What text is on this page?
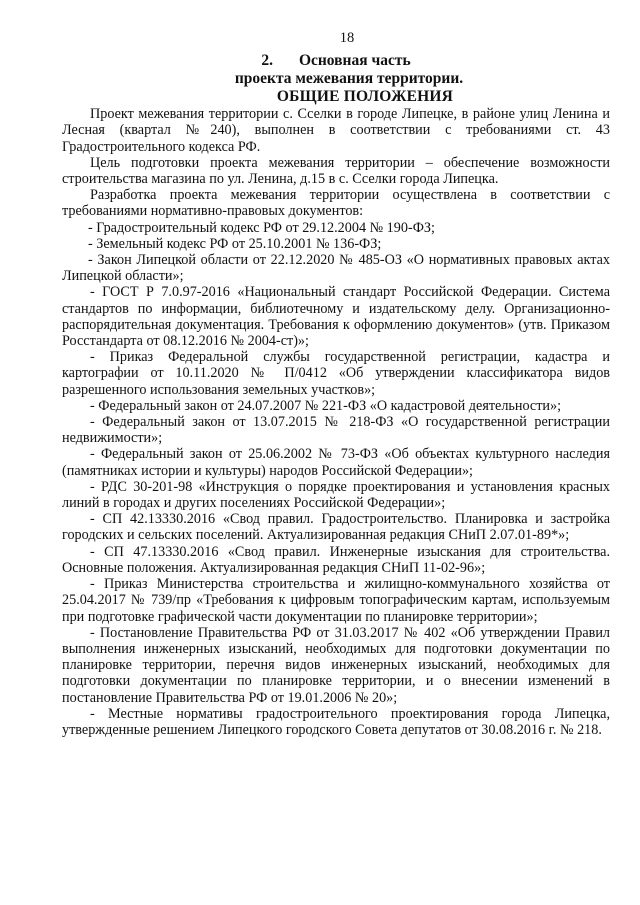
18
2. Основная часть
проекта межевания территории.
ОБЩИЕ ПОЛОЖЕНИЯ

Проект межевания территории с. Сселки в городе Липецке, в районе улиц Ленина и Лесная (квартал №240), выполнен в соответствии с требованиями ст. 43 Градостроительного кодекса РФ.

Цель подготовки проекта межевания территории – обеспечение возможности строительства магазина по ул. Ленина, д.15 в с. Сселки города Липецка.

Разработка проекта межевания территории осуществлена в соответствии с требованиями нормативно-правовых документов:

- Градостроительный кодекс РФ от 29.12.2004 № 190-ФЗ;

- Земельный кодекс РФ от 25.10.2001 № 136-ФЗ;

- Закон Липецкой области от 22.12.2020 № 485-ОЗ «О нормативных правовых актах Липецкой области»;

- ГОСТ Р 7.0.97-2016 «Национальный стандарт Российской Федерации. Система стандартов по информации, библиотечному и издательскому делу. Организационно-распорядительная документация. Требования к оформлению документов» (утв. Приказом Росстандарта от 08.12.2016 № 2004-ст)»;

- Приказ Федеральной службы государственной регистрации, кадастра и картографии от 10.11.2020 № П/0412 «Об утверждении классификатора видов разрешенного использования земельных участков»;

- Федеральный закон от 24.07.2007 № 221-ФЗ «О кадастровой деятельности»;

- Федеральный закон от 13.07.2015 № 218-ФЗ «О государственной регистрации недвижимости»;

- Федеральный закон от 25.06.2002 № 73-ФЗ «Об объектах культурного наследия (памятниках истории и культуры) народов Российской Федерации»;

- РДС 30-201-98 «Инструкция о порядке проектирования и установления красных линий в городах и других поселениях Российской Федерации»;

- СП 42.13330.2016 «Свод правил. Градостроительство. Планировка и застройка городских и сельских поселений. Актуализированная редакция СНиП 2.07.01-89*»;

- СП 47.13330.2016 «Свод правил. Инженерные изыскания для строительства. Основные положения. Актуализированная редакция СНиП 11-02-96»;

- Приказ Министерства строительства и жилищно-коммунального хозяйства от 25.04.2017 № 739/пр «Требования к цифровым топографическим картам, используемым при подготовке графической части документации по планировке территории»;

- Постановление Правительства РФ от 31.03.2017 № 402 «Об утверждении Правил выполнения инженерных изысканий, необходимых для подготовки документации по планировке территории, перечня видов инженерных изысканий, необходимых для подготовки документации по планировке территории, и о внесении изменений в постановление Правительства РФ от 19.01.2006 № 20»;

- Местные нормативы градостроительного проектирования города Липецка, утвержденные решением Липецкого городского Совета депутатов от 30.08.2016 г. № 218.
